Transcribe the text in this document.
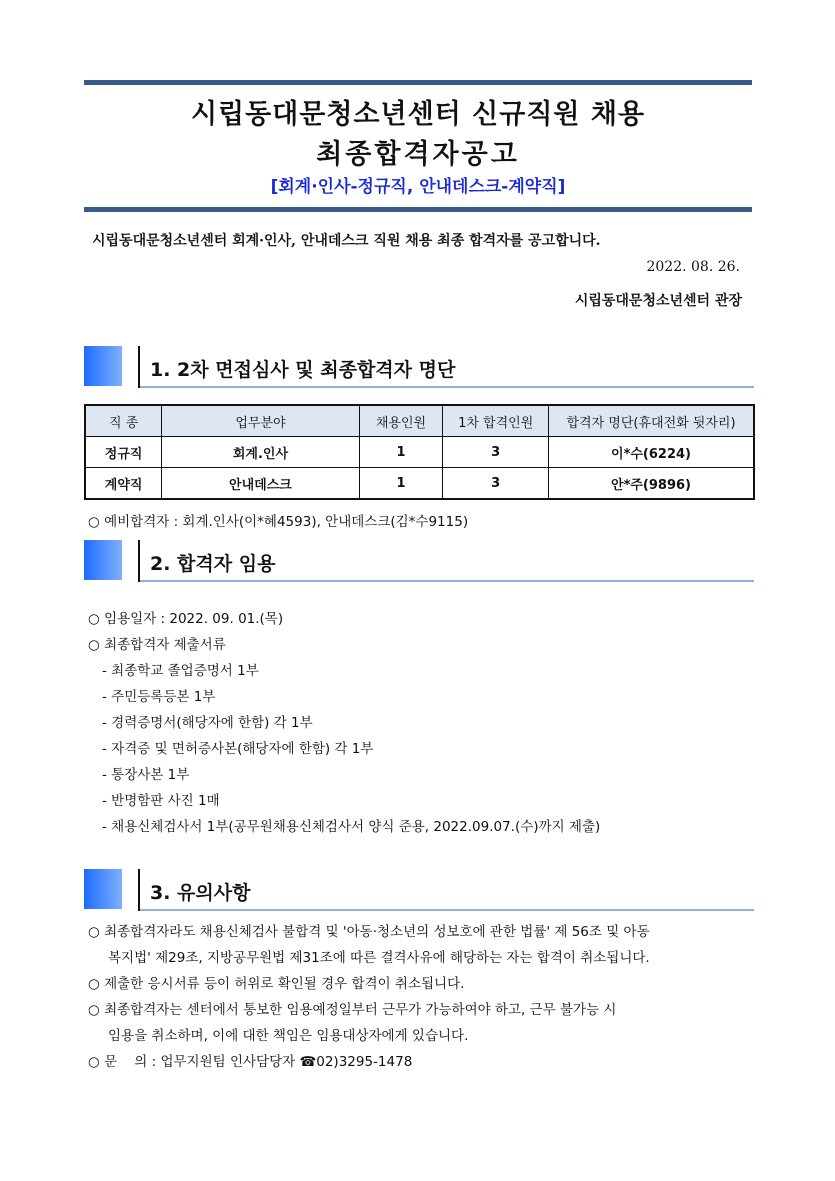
시립동대문청소년센터 신규직원 채용
최종합격자공고
[회계·인사-정규직, 안내데스크-계약직]
시립동대문청소년센터 회계·인사, 안내데스크 직원 채용 최종 합격자를 공고합니다.
2022. 08. 26.
시립동대문청소년센터 관장
1. 2차 면접심사 및 최종합격자 명단
직 종	업무분야	채용인원	1차 합격인원	합격자 명단(휴대전화 뒷자리)
정규직	회계.인사	1	3	이*수(6224)
계약직	안내데스크	1	3	안*주(9896)
○ 예비합격자 : 회계.인사(이*혜4593), 안내데스크(김*수9115)
2. 합격자 임용
○ 임용일자 : 2022. 09. 01.(목)
○ 최종합격자 제출서류
- 최종학교 졸업증명서 1부
- 주민등록등본 1부
- 경력증명서(해당자에 한함) 각 1부
- 자격증 및 면허증사본(해당자에 한함) 각 1부
- 통장사본 1부
- 반명함판 사진 1매
- 채용신체검사서 1부(공무원채용신체검사서 양식 준용, 2022.09.07.(수)까지 제출)
3. 유의사항
○ 최종합격자라도 채용신체검사 불합격 및 '아동·청소년의 성보호에 관한 법률' 제 56조 및 아동
복지법' 제29조, 지방공무원법 제31조에 따른 결격사유에 해당하는 자는 합격이 취소됩니다.
○ 제출한 응시서류 등이 허위로 확인될 경우 합격이 취소됩니다.
○ 최종합격자는 센터에서 통보한 임용예정일부터 근무가 가능하여야 하고, 근무 불가능 시
임용을 취소하며, 이에 대한 책임은 임용대상자에게 있습니다.
○ 문    의 : 업무지원팀 인사담당자 ☎02)3295-1478
